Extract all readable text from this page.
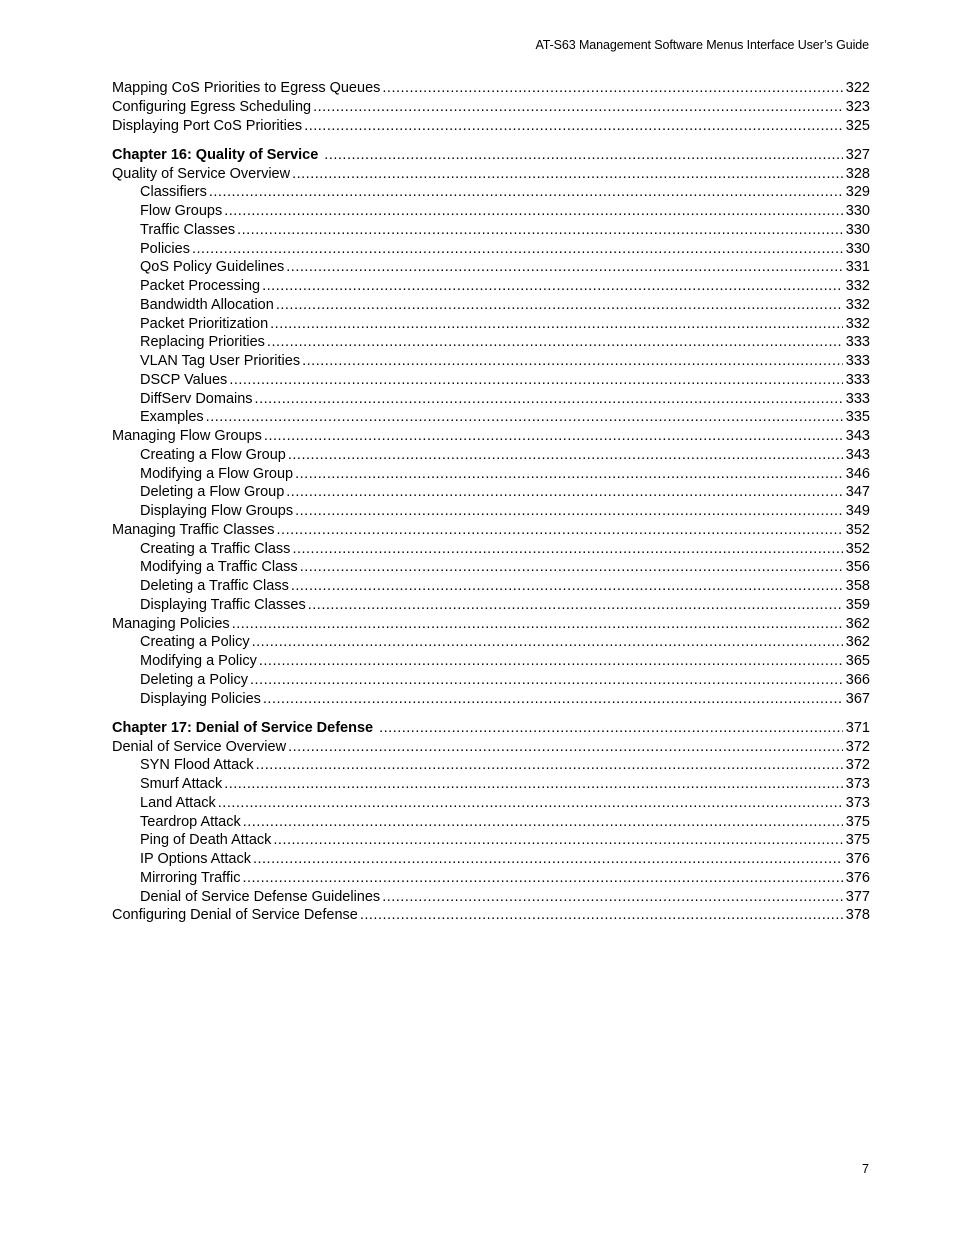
AT-S63 Management Software Menus Interface User’s Guide
Mapping CoS Priorities to Egress Queues .....	322
Configuring Egress Scheduling .....	323
Displaying Port CoS Priorities .....	325
Chapter 16: Quality of Service .....	327
Quality of Service Overview .....	328
Classifiers .....	329
Flow Groups .....	330
Traffic Classes .....	330
Policies .....	330
QoS Policy Guidelines .....	331
Packet Processing .....	332
Bandwidth Allocation .....	332
Packet Prioritization .....	332
Replacing Priorities .....	333
VLAN Tag User Priorities .....	333
DSCP Values .....	333
DiffServ Domains .....	333
Examples .....	335
Managing Flow Groups .....	343
Creating a Flow Group .....	343
Modifying a Flow Group .....	346
Deleting a Flow Group .....	347
Displaying Flow Groups .....	349
Managing Traffic Classes .....	352
Creating a Traffic Class .....	352
Modifying a Traffic Class .....	356
Deleting a Traffic Class .....	358
Displaying Traffic Classes .....	359
Managing Policies .....	362
Creating a Policy .....	362
Modifying a Policy .....	365
Deleting a Policy .....	366
Displaying Policies .....	367
Chapter 17: Denial of Service Defense .....	371
Denial of Service Overview .....	372
SYN Flood Attack .....	372
Smurf Attack .....	373
Land Attack .....	373
Teardrop Attack .....	375
Ping of Death Attack .....	375
IP Options Attack .....	376
Mirroring Traffic .....	376
Denial of Service Defense Guidelines .....	377
Configuring Denial of Service Defense .....	378
7
